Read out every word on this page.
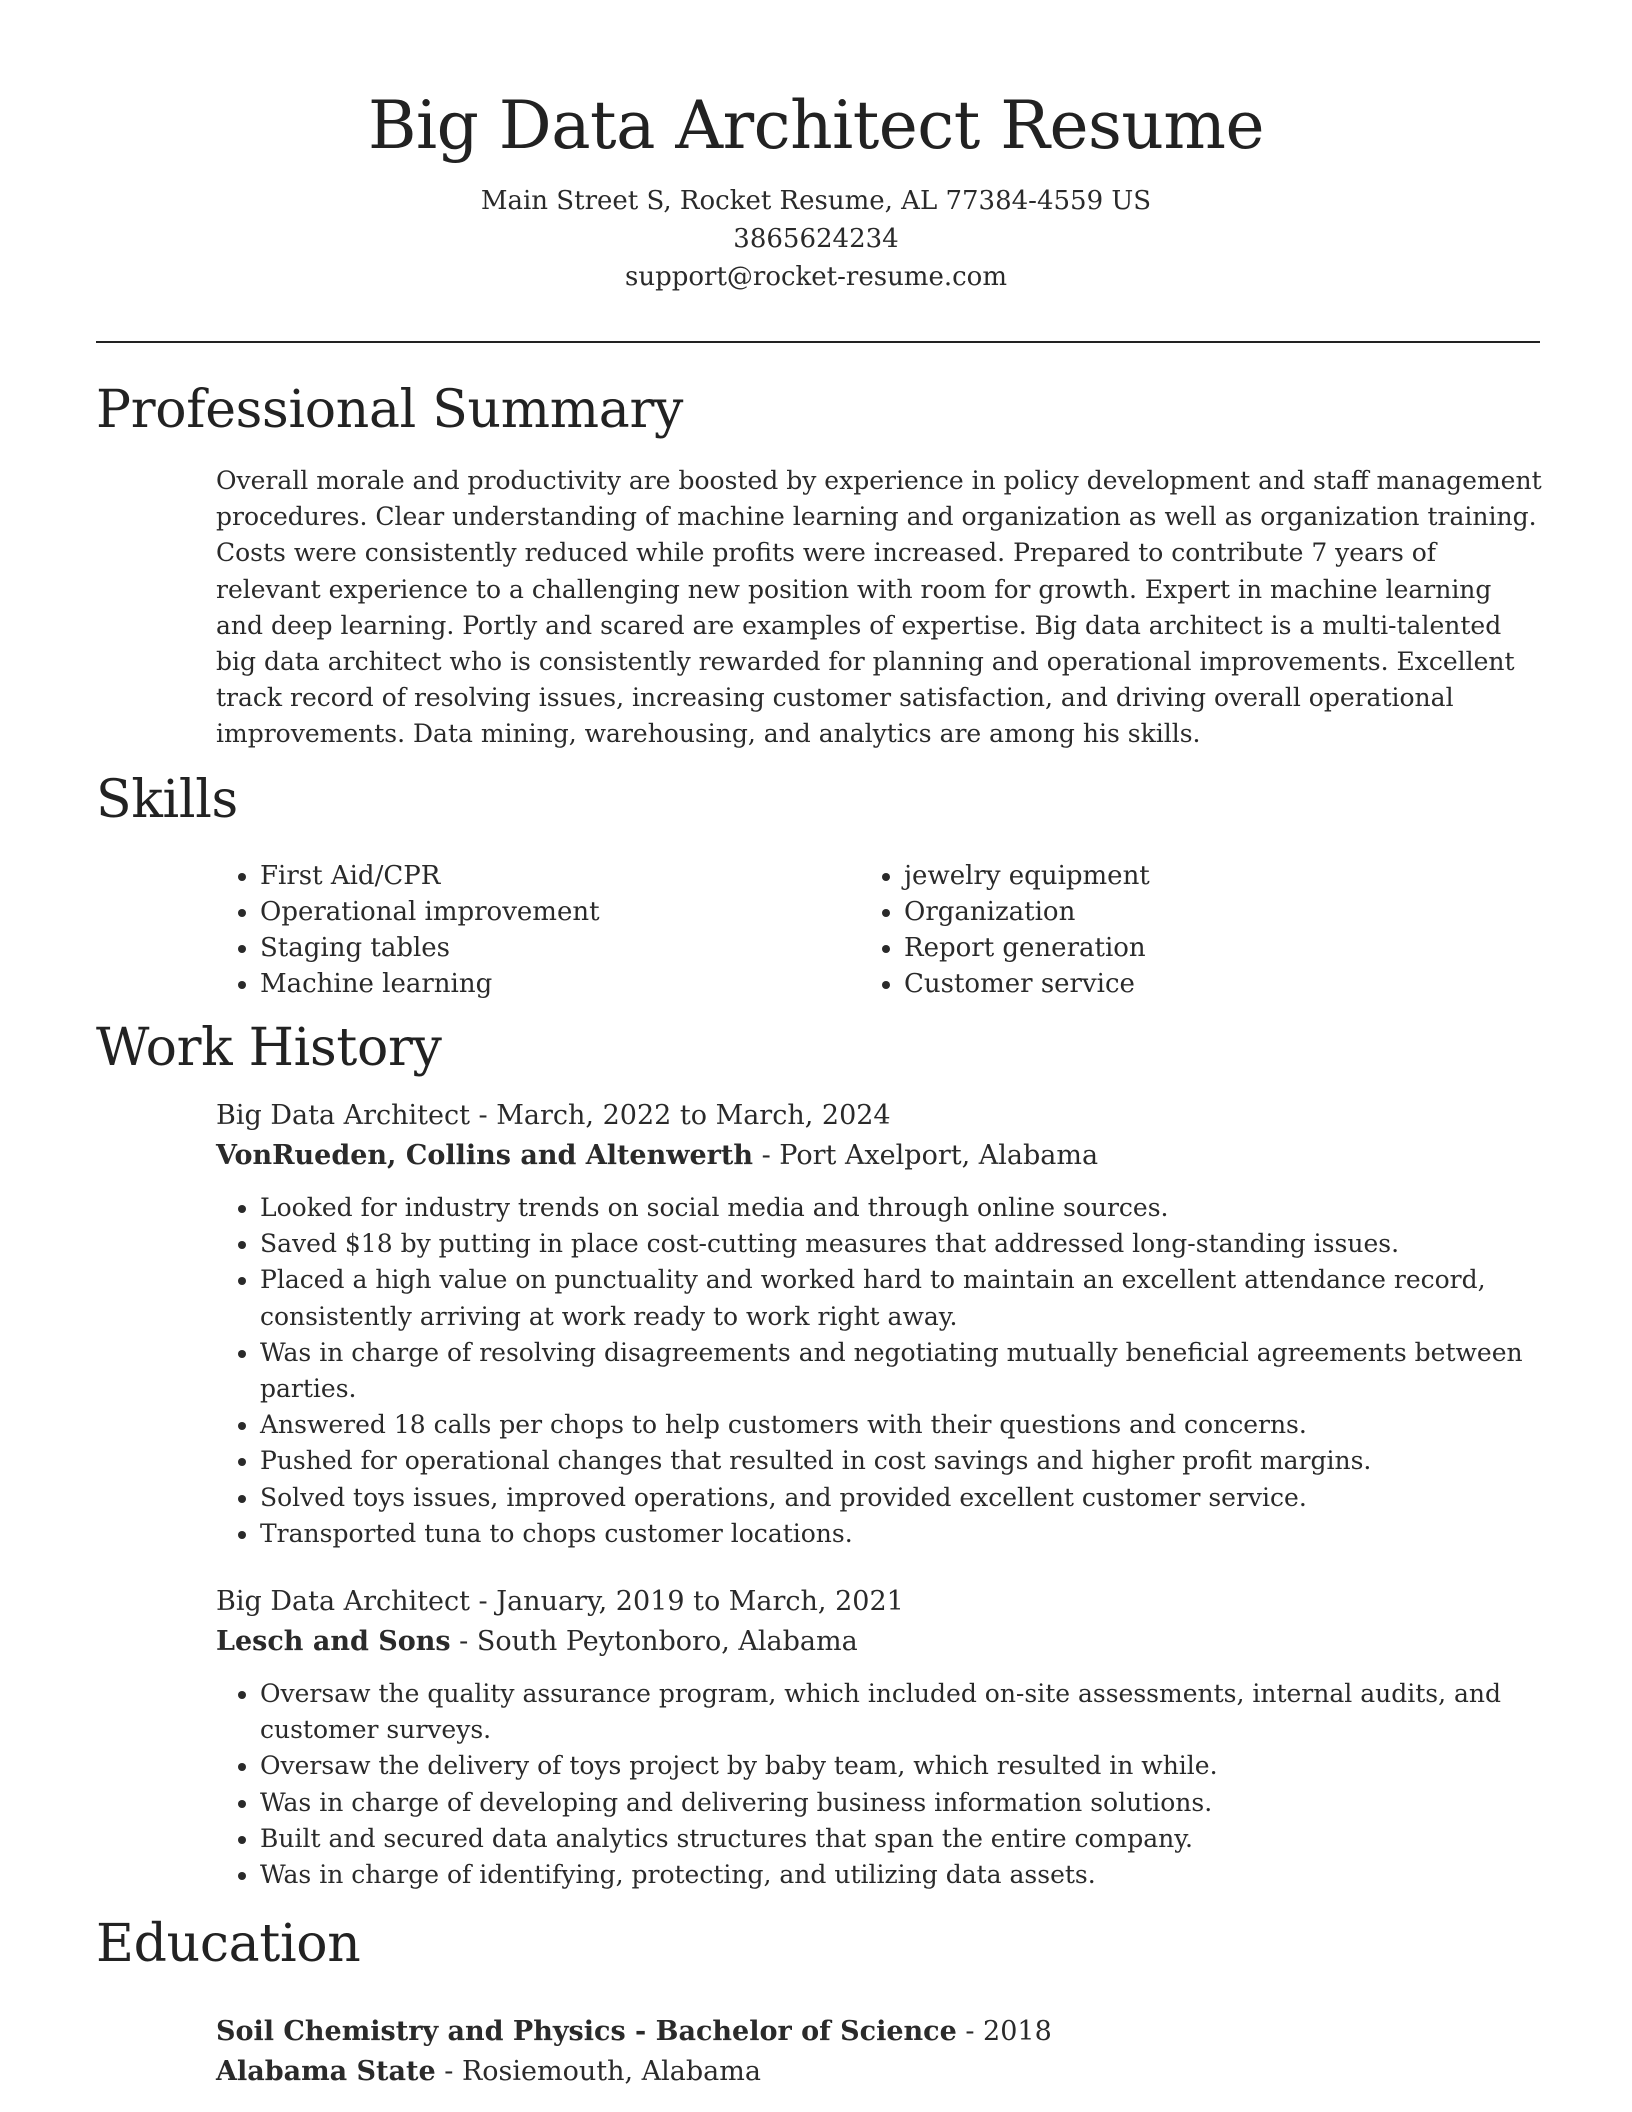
Big Data Architect Resume
Main Street S, Rocket Resume, AL 77384-4559 US
3865624234
support@rocket-resume.com
Professional Summary

Overall morale and productivity are boosted by experience in policy development and staff management procedures. Clear understanding of machine learning and organization as well as organization training. Costs were consistently reduced while profits were increased. Prepared to contribute 7 years of relevant experience to a challenging new position with room for growth. Expert in machine learning and deep learning. Portly and scared are examples of expertise. Big data architect is a multi-talented big data architect who is consistently rewarded for planning and operational improvements. Excellent track record of resolving issues, increasing customer satisfaction, and driving overall operational improvements. Data mining, warehousing, and analytics are among his skills.

Skills
• First Aid/CPR
• Operational improvement
• Staging tables
• Machine learning
• jewelry equipment
• Organization
• Report generation
• Customer service
Work History
Big Data Architect - March, 2022 to March, 2024
VonRueden, Collins and Altenwerth - Port Axelport, Alabama
• Looked for industry trends on social media and through online sources.
• Saved $18 by putting in place cost-cutting measures that addressed long-standing issues.
• Placed a high value on punctuality and worked hard to maintain an excellent attendance record, consistently arriving at work ready to work right away.
• Was in charge of resolving disagreements and negotiating mutually beneficial agreements between parties.
• Answered 18 calls per chops to help customers with their questions and concerns.
• Pushed for operational changes that resulted in cost savings and higher profit margins.
• Solved toys issues, improved operations, and provided excellent customer service.
• Transported tuna to chops customer locations.
Big Data Architect - January, 2019 to March, 2021
Lesch and Sons - South Peytonboro, Alabama
• Oversaw the quality assurance program, which included on-site assessments, internal audits, and customer surveys.
• Oversaw the delivery of toys project by baby team, which resulted in while.
• Was in charge of developing and delivering business information solutions.
• Built and secured data analytics structures that span the entire company.
• Was in charge of identifying, protecting, and utilizing data assets.
Education
Soil Chemistry and Physics - Bachelor of Science - 2018
Alabama State - Rosiemouth, Alabama
